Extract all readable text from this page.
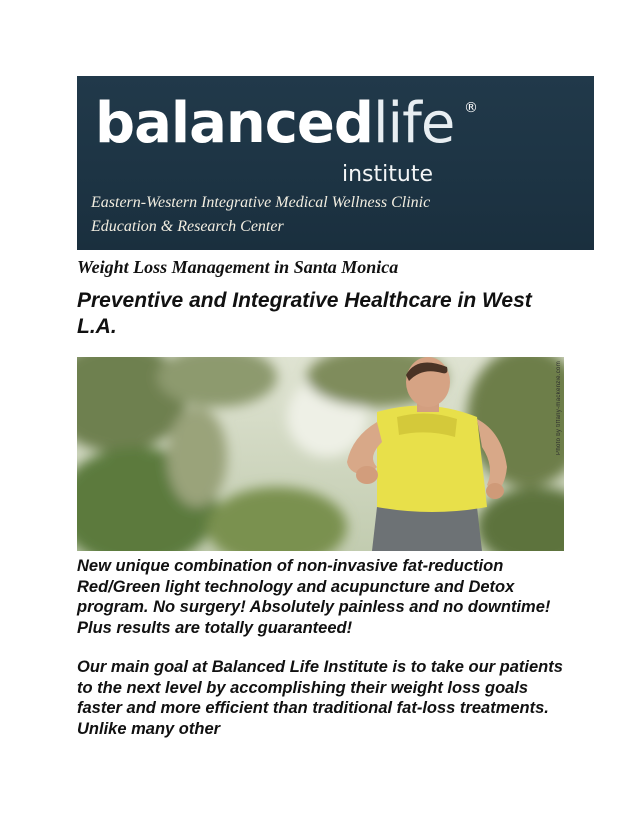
balancedlife ®
institute
Eastern-Western Integrative Medical Wellness Clinic
Education & Research Center
Weight Loss Management in Santa Monica
Preventive and Integrative Healthcare in West L.A.
Photo by tiffany-mackenzie.com
New unique combination of non-invasive fat-reduction Red/Green light technology and acupuncture and Detox program. No surgery! Absolutely painless and no downtime! Plus results are totally guaranteed!
Our main goal at Balanced Life Institute is to take our patients to the next level by accomplishing their weight loss goals faster and more efficient than traditional fat-loss treatments. Unlike many other
